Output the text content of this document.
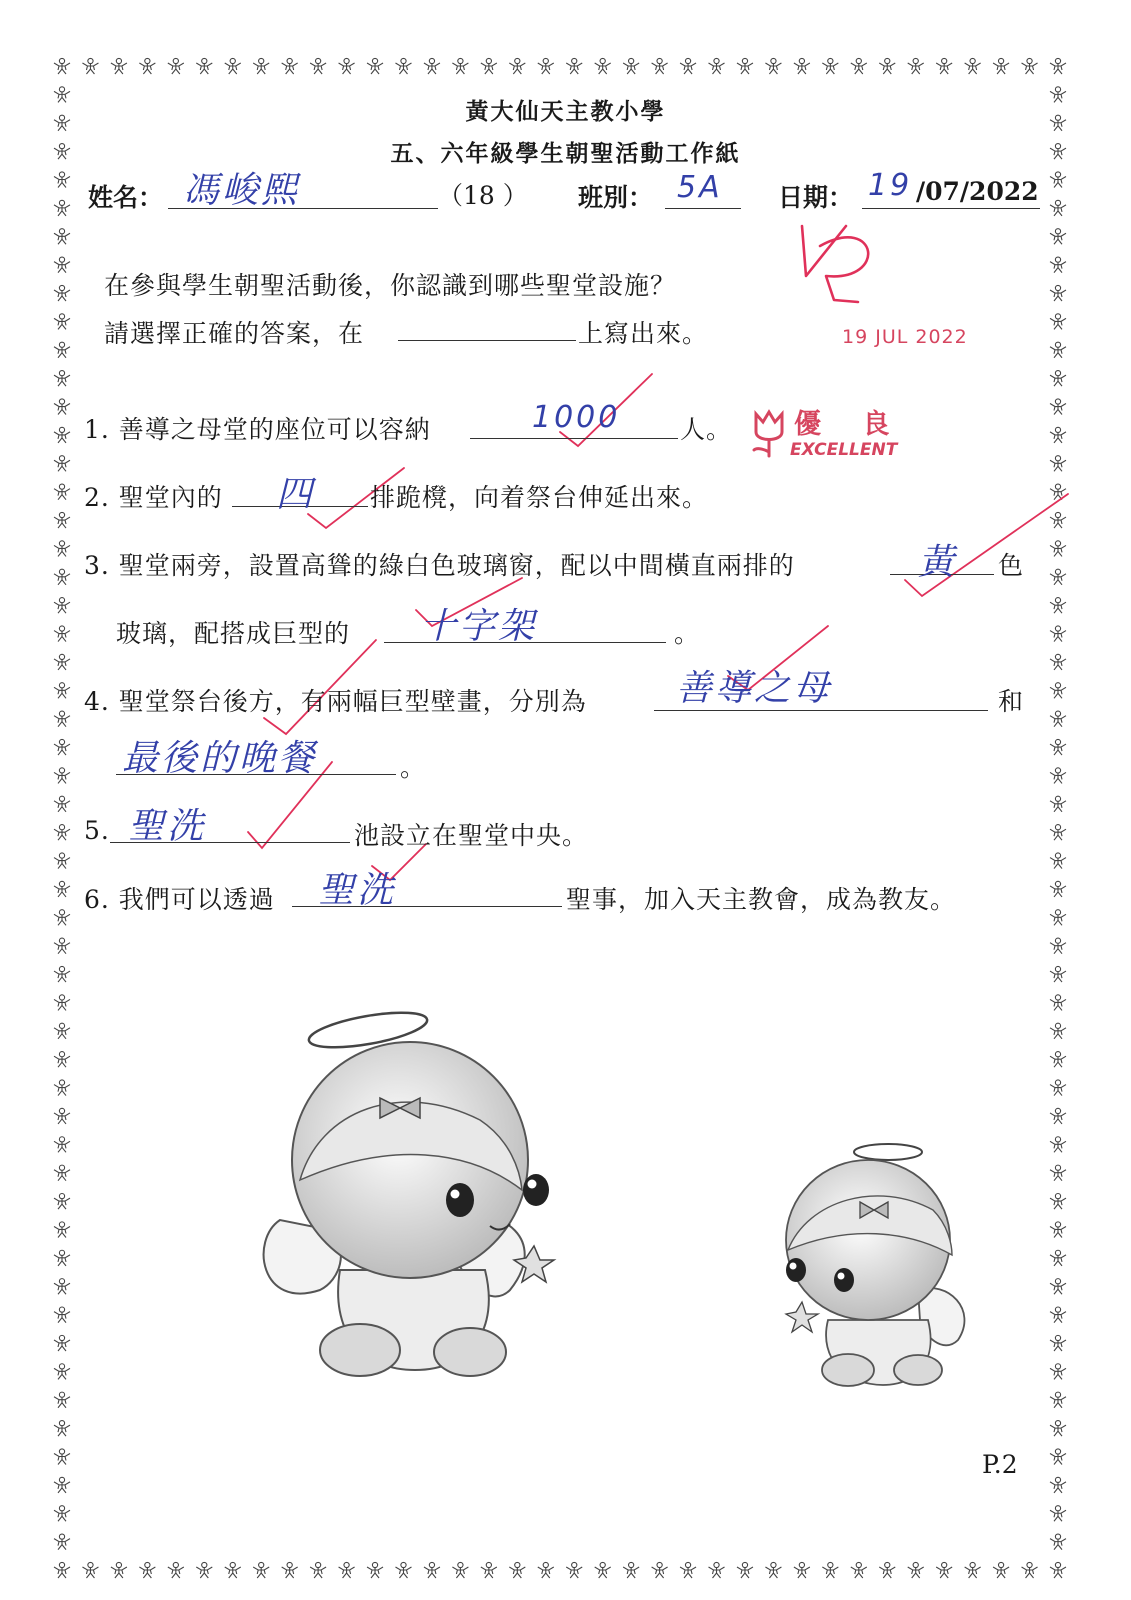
黃大仙天主教小學
五、六年級學生朝聖活動工作紙
姓名： 馮峻熙	（18 ） 班別： 5A 日期： 19 /07/2022
19 JUL 2022
優 良
EXCELLENT
在參與學生朝聖活動後，你認識到哪些聖堂設施？
請選擇正確的答案，在	上寫出來。
1. 善導之母堂的座位可以容納	1000 人。
2. 聖堂內的 四 排跪櫈，向着祭台伸延出來。
3. 聖堂兩旁，設置高聳的綠白色玻璃窗，配以中間橫直兩排的	黃 色
玻璃，配搭成巨型的 十字架	。
4. 聖堂祭台後方，有兩幅巨型壁畫，分別為 善導之母	和
最後的晚餐	。
5. 聖洗	池設立在聖堂中央。
6. 我們可以透過 聖洗	聖事，加入天主教會，成為教友。
P.2
